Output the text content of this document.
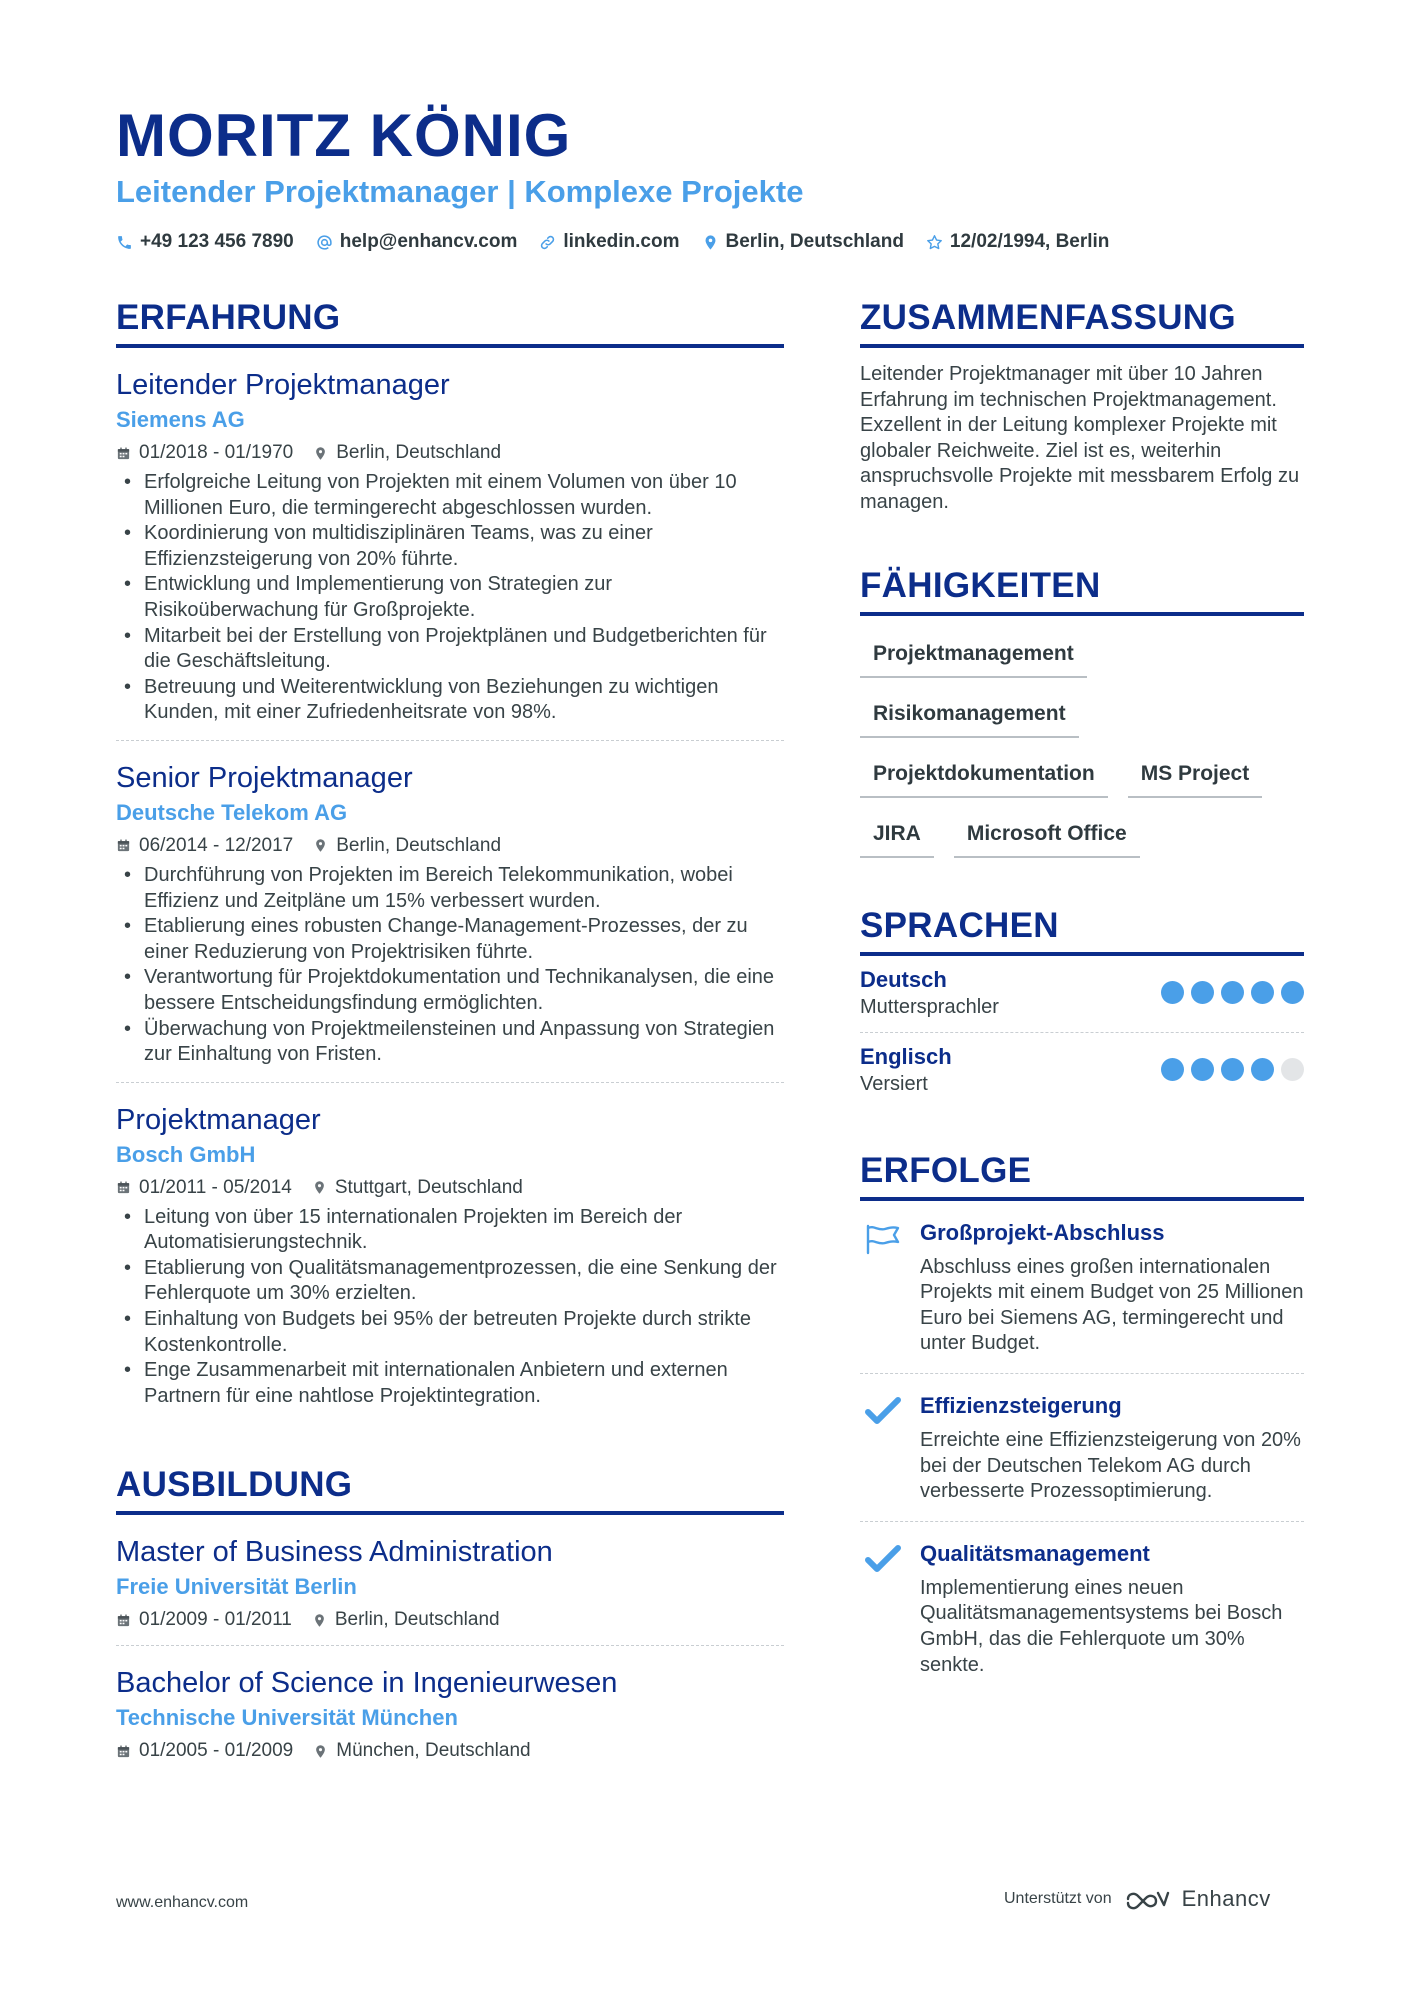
MORITZ KÖNIG
Leitender Projektmanager | Komplexe Projekte
+49 123 456 7890 help@enhancv.com linkedin.com Berlin, Deutschland 12/02/1994, Berlin
ERFAHRUNG
Leitender Projektmanager
Siemens AG
01/2018 - 01/1970 Berlin, Deutschland
• Erfolgreiche Leitung von Projekten mit einem Volumen von über 10 Millionen Euro, die termingerecht abgeschlossen wurden.
• Koordinierung von multidisziplinären Teams, was zu einer Effizienzsteigerung von 20% führte.
• Entwicklung und Implementierung von Strategien zur Risikoüberwachung für Großprojekte.
• Mitarbeit bei der Erstellung von Projektplänen und Budgetberichten für die Geschäftsleitung.
• Betreuung und Weiterentwicklung von Beziehungen zu wichtigen Kunden, mit einer Zufriedenheitsrate von 98%.
Senior Projektmanager
Deutsche Telekom AG
06/2014 - 12/2017 Berlin, Deutschland
• Durchführung von Projekten im Bereich Telekommunikation, wobei Effizienz und Zeitpläne um 15% verbessert wurden.
• Etablierung eines robusten Change-Management-Prozesses, der zu einer Reduzierung von Projektrisiken führte.
• Verantwortung für Projektdokumentation und Technikanalysen, die eine bessere Entscheidungsfindung ermöglichten.
• Überwachung von Projektmeilensteinen und Anpassung von Strategien zur Einhaltung von Fristen.
Projektmanager
Bosch GmbH
01/2011 - 05/2014 Stuttgart, Deutschland
• Leitung von über 15 internationalen Projekten im Bereich der Automatisierungstechnik.
• Etablierung von Qualitätsmanagementprozessen, die eine Senkung der Fehlerquote um 30% erzielten.
• Einhaltung von Budgets bei 95% der betreuten Projekte durch strikte Kostenkontrolle.
• Enge Zusammenarbeit mit internationalen Anbietern und externen Partnern für eine nahtlose Projektintegration.
AUSBILDUNG
Master of Business Administration
Freie Universität Berlin
01/2009 - 01/2011 Berlin, Deutschland
Bachelor of Science in Ingenieurwesen
Technische Universität München
01/2005 - 01/2009 München, Deutschland
ZUSAMMENFASSUNG
Leitender Projektmanager mit über 10 Jahren Erfahrung im technischen Projektmanagement. Exzellent in der Leitung komplexer Projekte mit globaler Reichweite. Ziel ist es, weiterhin anspruchsvolle Projekte mit messbarem Erfolg zu managen.
FÄHIGKEITEN
Projektmanagement
Risikomanagement
Projektdokumentation	MS Project
JIRA	Microsoft Office
SPRACHEN
Deutsch
Muttersprachler
Englisch
Versiert
ERFOLGE
Großprojekt-Abschluss
Abschluss eines großen internationalen Projekts mit einem Budget von 25 Millionen Euro bei Siemens AG, termingerecht und unter Budget.
Effizienzsteigerung
Erreichte eine Effizienzsteigerung von 20% bei der Deutschen Telekom AG durch verbesserte Prozessoptimierung.
Qualitätsmanagement
Implementierung eines neuen Qualitätsmanagementsystems bei Bosch GmbH, das die Fehlerquote um 30% senkte.
www.enhancv.com	Unterstützt von	Enhancv
